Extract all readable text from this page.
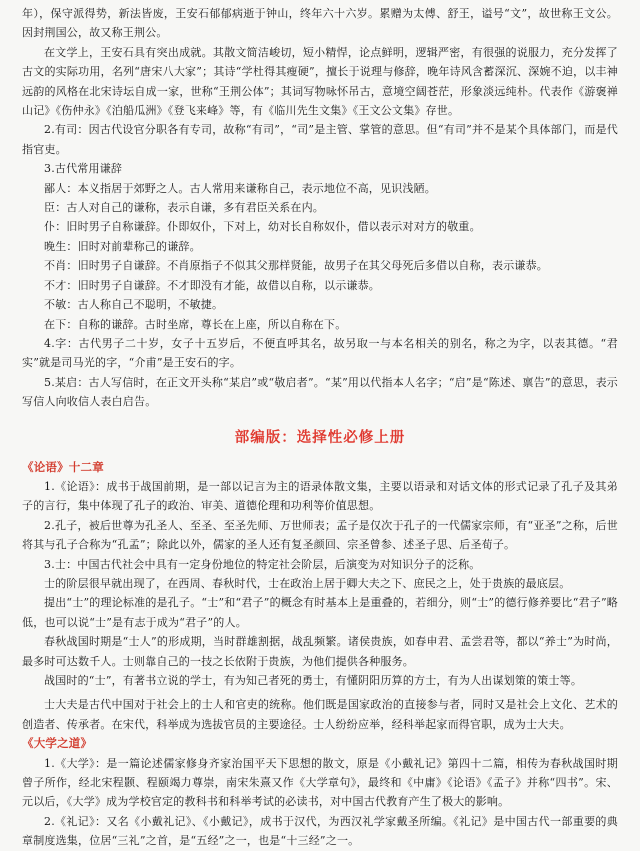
年），保守派得势，新法皆废，王安石郁郁病逝于钟山，终年六十六岁。累赠为太傅、舒王，谥号“文”，故世称王文公。因封荆国公，故又称王荆公。

在文学上，王安石具有突出成就。其散文简洁峻切，短小精悍，论点鲜明，逻辑严密，有很强的说服力，充分发挥了古文的实际功用，名列“唐宋八大家”；其诗“学杜得其瘦硬”，擅长于说理与修辞，晚年诗风含蓄深沉、深婉不迫，以丰神远韵的风格在北宋诗坛自成一家，世称“王荆公体”；其词写物咏怀吊古，意境空阔苍茫，形象淡远纯朴。代表作《游褒禅山记》《伤仲永》《泊船瓜洲》《登飞来峰》等，有《临川先生文集》《王文公文集》存世。

2.有司：因古代设官分职各有专司，故称“有司”，“司”是主管、掌管的意思。但“有司”并不是某个具体部门，而是代指官吏。

3.古代常用谦辞

鄙人：本义指居于郊野之人。古人常用来谦称自己，表示地位不高，见识浅陋。

臣：古人对自己的谦称，表示自谦，多有君臣关系在内。

仆：旧时男子自称谦辞。仆即奴仆，下对上，幼对长自称奴仆，借以表示对对方的敬重。

晚生：旧时对前辈称己的谦辞。

不肖：旧时男子自谦辞。不肖原指子不似其父那样贤能，故男子在其父母死后多借以自称，表示谦恭。

不才：旧时男子自谦辞。不才即没有才能，故借以自称，以示谦恭。

不敏：古人称自己不聪明，不敏捷。

在下：自称的谦辞。古时坐席，尊长在上座，所以自称在下。

4.字：古代男子二十岁，女子十五岁后，不便直呼其名，故另取一与本名相关的别名，称之为字，以表其德。“君实”就是司马光的字，“介甫”是王安石的字。

5.某启：古人写信时，在正文开头称“某启”或“敬启者”。“某”用以代指本人名字；“启”是“陈述、禀告”的意思，表示写信人向收信人表白启告。

部编版：选择性必修上册

《论语》十二章

1.《论语》：成书于战国前期，是一部以记言为主的语录体散文集，主要以语录和对话文体的形式记录了孔子及其弟子的言行，集中体现了孔子的政治、审美、道德伦理和功利等价值思想。

2.孔子，被后世尊为孔圣人、至圣、至圣先师、万世师表；孟子是仅次于孔子的一代儒家宗师，有“亚圣”之称，后世将其与孔子合称为“孔孟”；除此以外，儒家的圣人还有复圣颜回、宗圣曾参、述圣子思、后圣荀子。

3.士：中国古代社会中具有一定身份地位的特定社会阶层，后演变为对知识分子的泛称。

士的阶层很早就出现了，在西周、春秋时代，士在政治上居于卿大夫之下、庶民之上，处于贵族的最底层。

提出“士”的理论标准的是孔子。“士”和“君子”的概念有时基本上是重叠的，若细分，则“士”的德行修养要比“君子”略低，也可以说“士”是有志于成为“君子”的人。

春秋战国时期是“士人”的形成期，当时群雄割据，战乱频繁。诸侯贵族，如春申君、孟尝君等，都以“养士”为时尚，最多时可达数千人。士则靠自己的一技之长依附于贵族，为他们提供各种服务。

战国时的“士”，有著书立说的学士，有为知己者死的勇士，有懂阴阳历算的方士，有为人出谋划策的策士等。

士大夫是古代中国对于社会上的士人和官吏的统称。他们既是国家政治的直接参与者，同时又是社会上文化、艺术的创造者、传承者。在宋代，科举成为选拔官员的主要途径。士人纷纷应举，经科举起家而得官职，成为士大夫。

《大学之道》

1.《大学》：是一篇论述儒家修身齐家治国平天下思想的散文，原是《小戴礼记》第四十二篇，相传为春秋战国时期曾子所作，经北宋程颢、程颐竭力尊崇，南宋朱熹又作《大学章句》，最终和《中庸》《论语》《孟子》并称“四书”。宋、元以后，《大学》成为学校官定的教科书和科举考试的必读书，对中国古代教育产生了极大的影响。

2.《礼记》：又名《小戴礼记》、《小戴记》，成书于汉代，为西汉礼学家戴圣所编。《礼记》是中国古代一部重要的典章制度选集，位居“三礼”之首，是“五经”之一，也是“十三经”之一。
